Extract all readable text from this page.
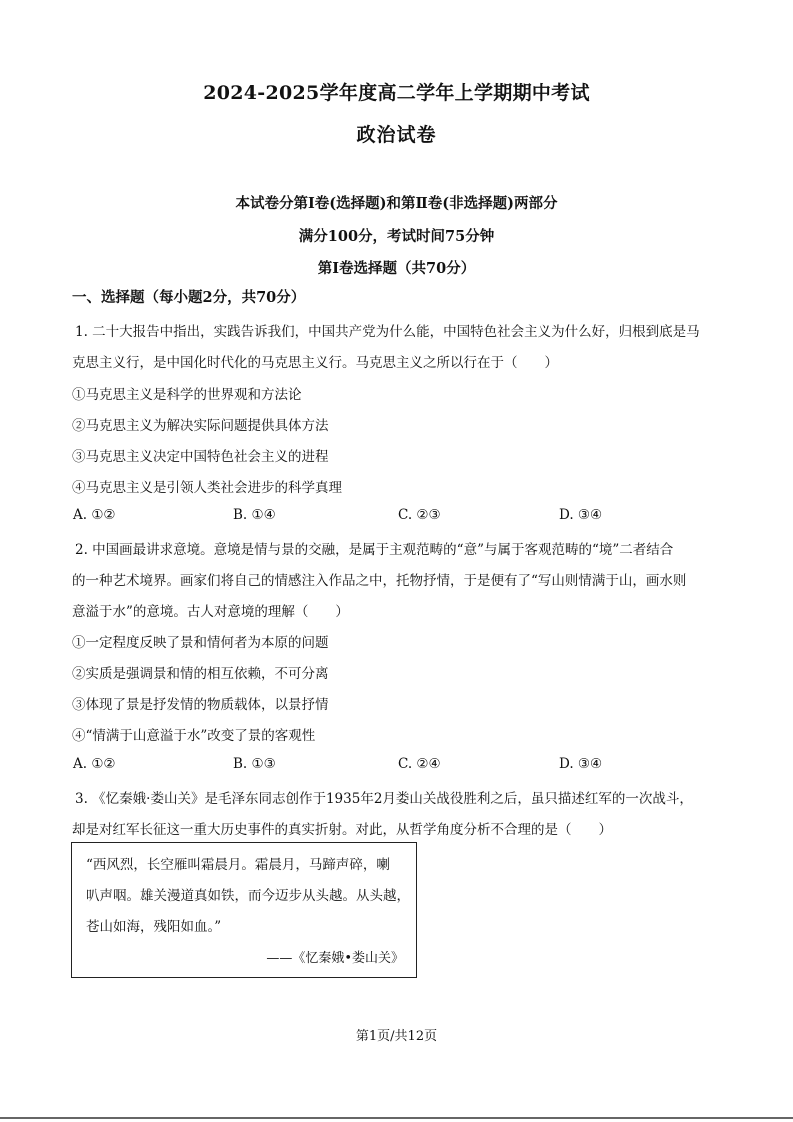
2024-2025学年度高二学年上学期期中考试
政治试卷
本试卷分第Ⅰ卷(选择题)和第Ⅱ卷(非选择题)两部分
满分100分，考试时间75分钟
第Ⅰ卷选择题（共70分）
一、选择题（每小题2分，共70分）
1. 二十大报告中指出，实践告诉我们，中国共产党为什么能，中国特色社会主义为什么好，归根到底是马
克思主义行，是中国化时代化的马克思主义行。马克思主义之所以行在于（　　）
①马克思主义是科学的世界观和方法论
②马克思主义为解决实际问题提供具体方法
③马克思主义决定中国特色社会主义的进程
④马克思主义是引领人类社会进步的科学真理
A. ①②	B. ①④	C. ②③	D. ③④
2. 中国画最讲求意境。意境是情与景的交融，是属于主观范畴的“意”与属于客观范畴的“境”二者结合
的一种艺术境界。画家们将自己的情感注入作品之中，托物抒情，于是便有了“写山则情满于山，画水则
意溢于水”的意境。古人对意境的理解（　　）
①一定程度反映了景和情何者为本原的问题
②实质是强调景和情的相互依赖，不可分离
③体现了景是抒发情的物质载体，以景抒情
④“情满于山意溢于水”改变了景的客观性
A. ①②	B. ①③	C. ②④	D. ③④
3. 《忆秦娥·娄山关》是毛泽东同志创作于1935年2月娄山关战役胜利之后，虽只描述红军的一次战斗，
却是对红军长征这一重大历史事件的真实折射。对此，从哲学角度分析不合理的是（　　）
“西风烈，长空雁叫霜晨月。霜晨月，马蹄声碎，喇
叭声咽。雄关漫道真如铁，而今迈步从头越。从头越，
苍山如海，残阳如血。”
——《忆秦娥•娄山关》
第1页/共12页
